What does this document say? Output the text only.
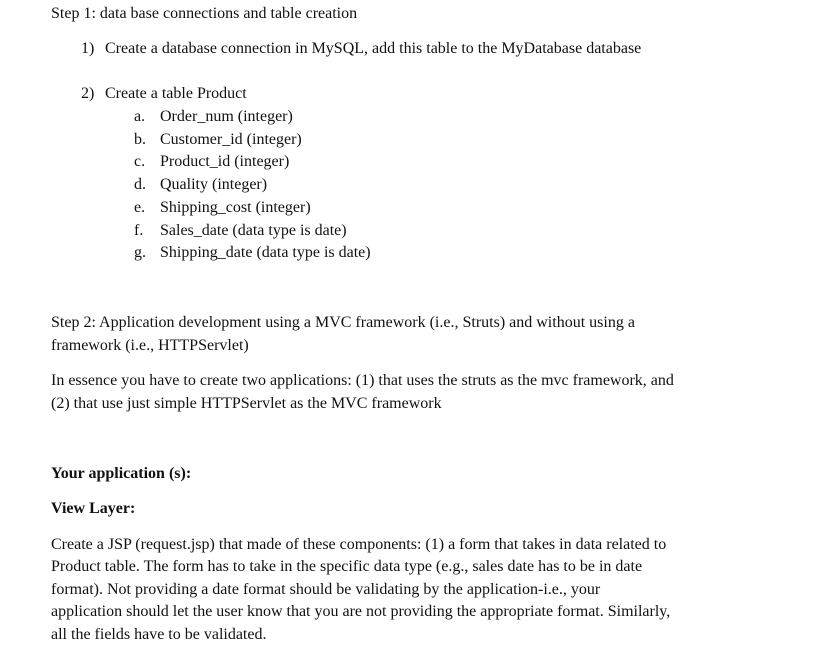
Step 1: data base connections and table creation
1) Create a database connection in MySQL, add this table to the MyDatabase database
2) Create a table Product
a. Order_num (integer)
b. Customer_id (integer)
c. Product_id (integer)
d. Quality (integer)
e. Shipping_cost (integer)
f. Sales_date (data type is date)
g. Shipping_date (data type is date)
Step 2: Application development using a MVC framework (i.e., Struts) and without using a
framework (i.e., HTTPServlet)
In essence you have to create two applications: (1) that uses the struts as the mvc framework, and
(2) that use just simple HTTPServlet as the MVC framework
Your application (s):
View Layer:
Create a JSP (request.jsp) that made of these components: (1) a form that takes in data related to
Product table. The form has to take in the specific data type (e.g., sales date has to be in date
format). Not providing a date format should be validating by the application-i.e., your
application should let the user know that you are not providing the appropriate format. Similarly,
all the fields have to be validated.
